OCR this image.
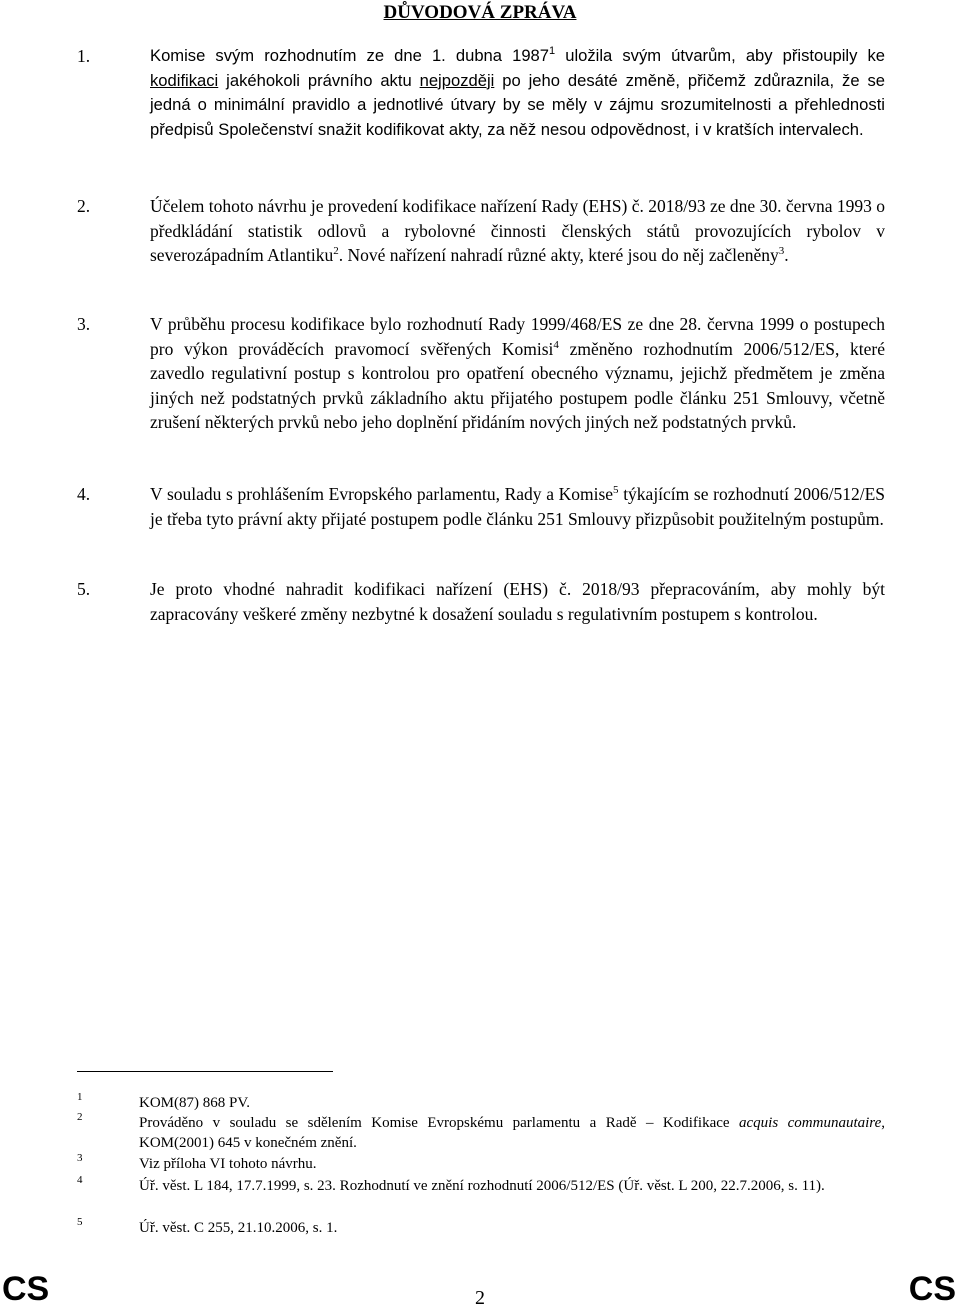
DŮVODOVÁ ZPRÁVA
1.	Komise svým rozhodnutím ze dne 1. dubna 1987$^1$ uložila svým útvarům, aby přistoupily ke kodifikaci jakéhokoli právního aktu nejpozději po jeho desáté změně, přičemž zdůraznila, že se jedná o minimální pravidlo a jednotlivé útvary by se měly v zájmu srozumitelnosti a přehlednosti předpisů Společenství snažit kodifikovat akty, za něž nesou odpovědnost, i v kratších intervalech.
2.	Účelem tohoto návrhu je provedení kodifikace nařízení Rady (EHS) č. 2018/93 ze dne 30. června 1993 o předkládání statistik odlovů a rybolovné činnosti členských států provozujících rybolov v severozápadním Atlantiku$^2$. Nové nařízení nahradí různé akty, které jsou do něj začleněny$^3$.
3.	V průběhu procesu kodifikace bylo rozhodnutí Rady 1999/468/ES ze dne 28. června 1999 o postupech pro výkon prováděcích pravomocí svěřených Komisi$^4$ změněno rozhodnutím 2006/512/ES, které zavedlo regulativní postup s kontrolou pro opatření obecného významu, jejichž předmětem je změna jiných než podstatných prvků základního aktu přijatého postupem podle článku 251 Smlouvy, včetně zrušení některých prvků nebo jeho doplnění přidáním nových jiných než podstatných prvků.
4.	V souladu s prohlášením Evropského parlamentu, Rady a Komise$^5$ týkajícím se rozhodnutí 2006/512/ES je třeba tyto právní akty přijaté postupem podle článku 251 Smlouvy přizpůsobit použitelným postupům.
5.	Je proto vhodné nahradit kodifikaci nařízení (EHS) č. 2018/93 přepracováním, aby mohly být zapracovány veškeré změny nezbytné k dosažení souladu s regulativním postupem s kontrolou.
1	KOM(87) 868 PV.
2	Prováděno v souladu se sdělením Komise Evropskému parlamentu a Radě – Kodifikace acquis communautaire, KOM(2001) 645 v konečném znění.
3	Viz příloha VI tohoto návrhu.
4	Úř. věst. L 184, 17.7.1999, s. 23. Rozhodnutí ve znění rozhodnutí 2006/512/ES (Úř. věst. L 200, 22.7.2006, s. 11).
5	Úř. věst. C 255, 21.10.2006, s. 1.
CS	2	CS
